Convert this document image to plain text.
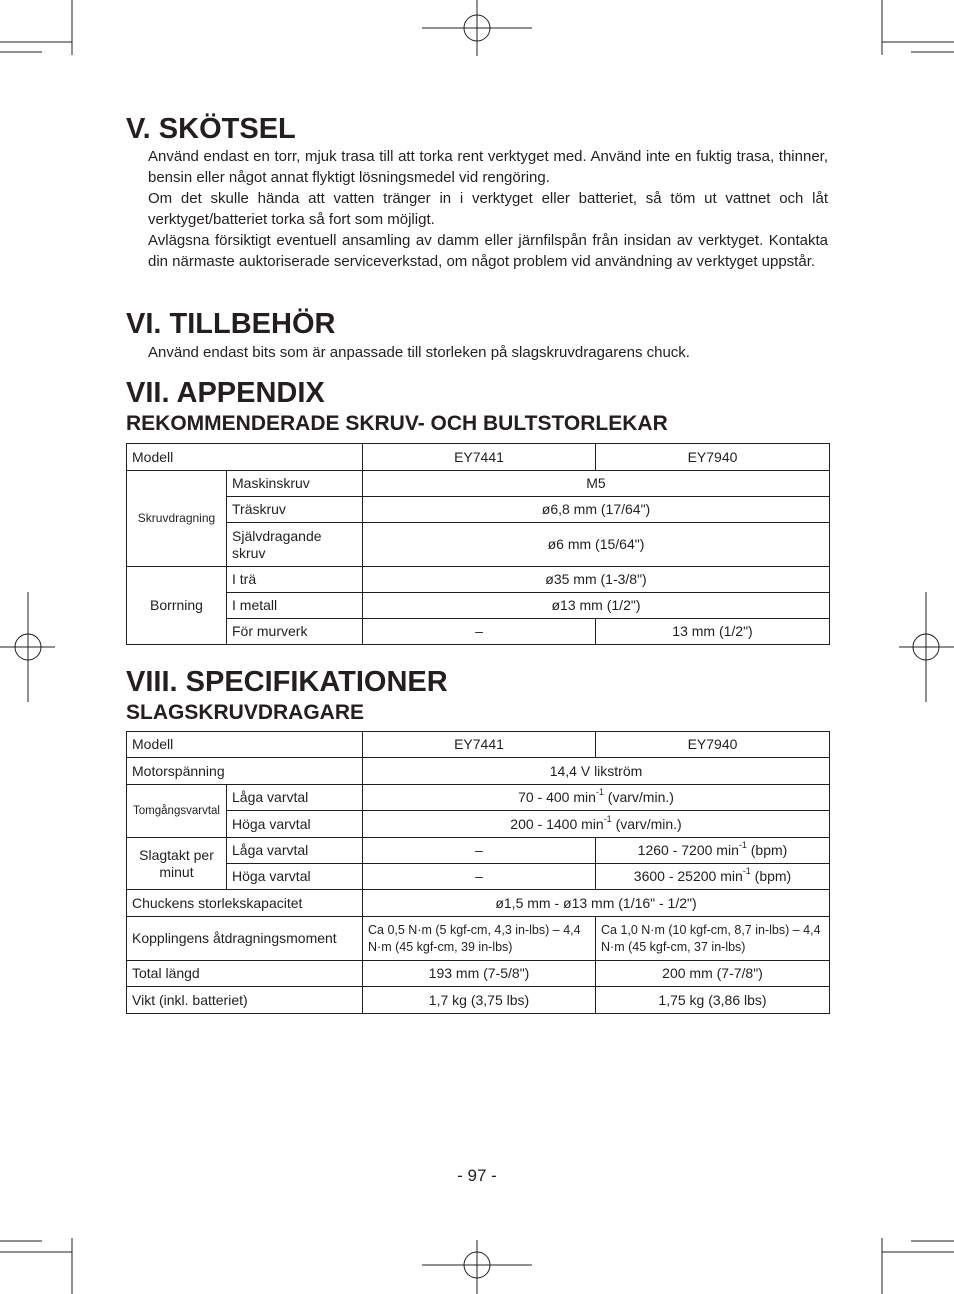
V. SKÖTSEL

Använd endast en torr, mjuk trasa till att torka rent verktyget med. Använd inte en fuktig trasa, thinner, bensin eller något annat flyktigt lösningsmedel vid rengöring.

Om det skulle hända att vatten tränger in i verktyget eller batteriet, så töm ut vattnet och låt verktyget/batteriet torka så fort som möjligt.

Avlägsna försiktigt eventuell ansamling av damm eller järnfilspån från insidan av verktyget. Kontakta din närmaste auktoriserade serviceverkstad, om något problem vid användning av verktyget uppstår.

VI. TILLBEHÖR

Använd endast bits som är anpassade till storleken på slagskruvdragarens chuck.

VII. APPENDIX
REKOMMENDERADE SKRUV- OCH BULTSTORLEKAR
Modell		EY7441	EY7940
Skruvdragning	Maskinskruv	M5	
	Träskruv	ø6,8 mm (17/64")	
	Självdragande skruv	ø6 mm (15/64")	
Borrning	I trä	ø35 mm (1-3/8")	
	I metall	ø13 mm (1/2")	
	För murverk	–	13 mm (1/2")
VIII. SPECIFIKATIONER
SLAGSKRUVDRAGARE
Modell		EY7441	EY7940
Motorspänning		14,4 V likström	
Tomgångsvarvtal	Låga varvtal	70 - 400 $\min^{-1}$ (varv/min.)	
	Höga varvtal	200 - 1400 $\min^{-1}$ (varv/min.)	
Slagtakt per minut	Låga varvtal	–	1260 - 7200 $\min^{-1} (bpm)$
	Höga varvtal	–	3600 - 25200 $\min^{-1} (bpm)$
Chuckens storlekskapacitet		ø1,5 mm - ø13 mm (1/16" - 1/2")	
Kopplingens åtdragningsmoment		Ca 0,5 N·m (5 kgf-cm, 4,3 in-lbs) – 4,4 N·m (45 kgf-cm, 39 in-lbs)	Ca 1,0 N·m (10 kgf-cm, 8,7 in-lbs) – 4,4 N·m (45 kgf-cm, 37 in-lbs)
Total längd		193 mm (7-5/8")	200 mm (7-7/8")
Vikt (inkl. batteriet)		1,7 kg (3,75 lbs)	1,75 kg (3,86 lbs)
- 97 -
